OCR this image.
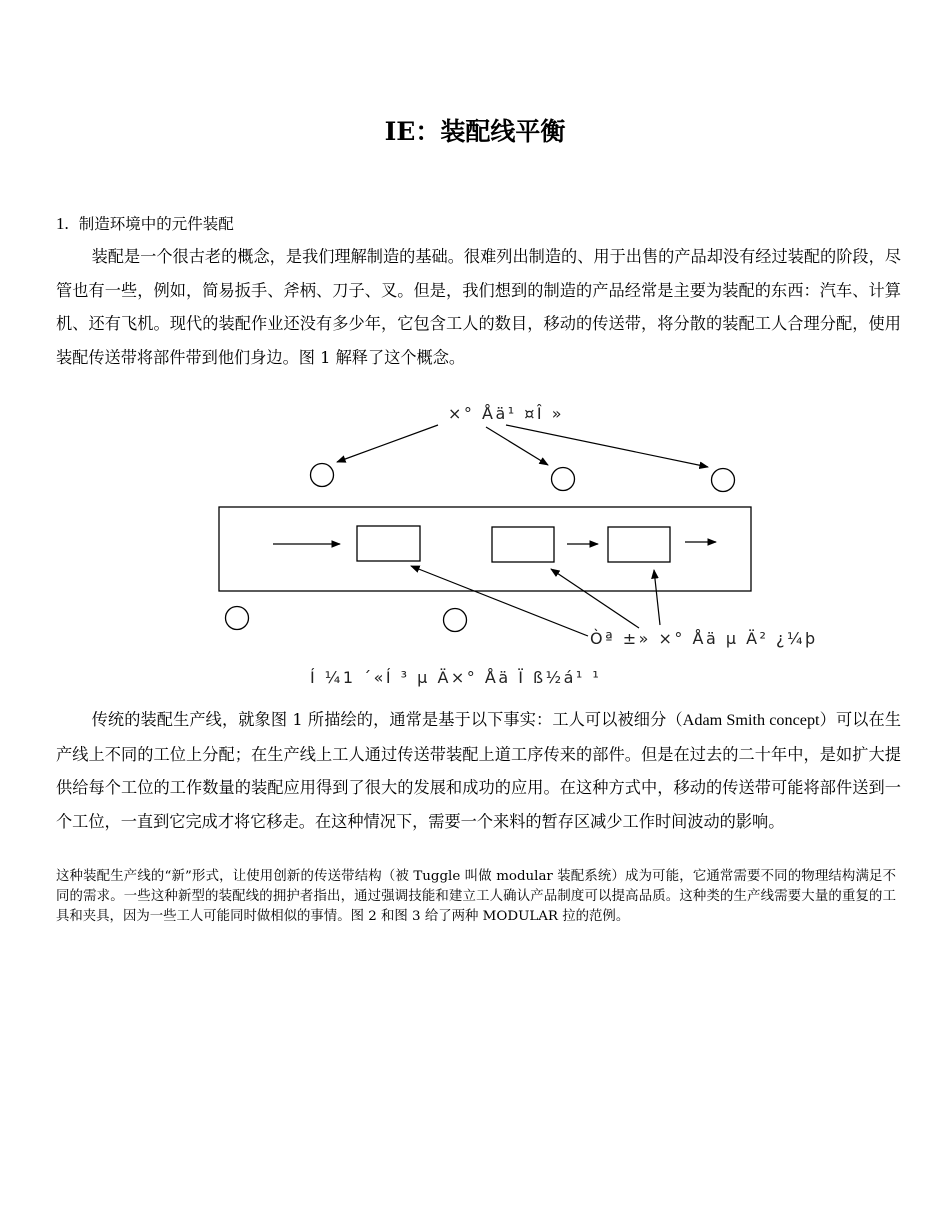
IE：装配线平衡

1. 制造环境中的元件装配

装配是一个很古老的概念，是我们理解制造的基础。很难列出制造的、用于出售的产品却没有经过装配的阶段，尽管也有一些，例如，简易扳手、斧柄、刀子、叉。但是，我们想到的制造的产品经常是主要为装配的东西：汽车、计算机、还有飞机。现代的装配作业还没有多少年，它包含工人的数目，移动的传送带，将分散的装配工人合理分配，使用装配传送带将部件带到他们身边。图 1 解释了这个概念。

×° Åä¹ ¤Î »
Òª ±» ×° Åä µ Ä² ¿¼þ
Í ¼1 ´«Í ³ µ Ä×° Åä Ï ß½á¹ ¹

传统的装配生产线，就象图 1 所描绘的，通常是基于以下事实：工人可以被细分（Adam Smith concept）可以在生产线上不同的工位上分配；在生产线上工人通过传送带装配上道工序传来的部件。但是在过去的二十年中，是如扩大提供给每个工位的工作数量的装配应用得到了很大的发展和成功的应用。在这种方式中，移动的传送带可能将部件送到一个工位，一直到它完成才将它移走。在这种情况下，需要一个来料的暂存区减少工作时间波动的影响。

这种装配生产线的“新”形式，让使用创新的传送带结构（被 Tuggle 叫做 modular 装配系统）成为可能，它通常需要不同的物理结构满足不同的需求。一些这种新型的装配线的拥护者指出，通过强调技能和建立工人确认产品制度可以提高品质。这种类的生产线需要大量的重复的工具和夹具，因为一些工人可能同时做相似的事情。图 2 和图 3 给了两种 MODULAR 拉的范例。
